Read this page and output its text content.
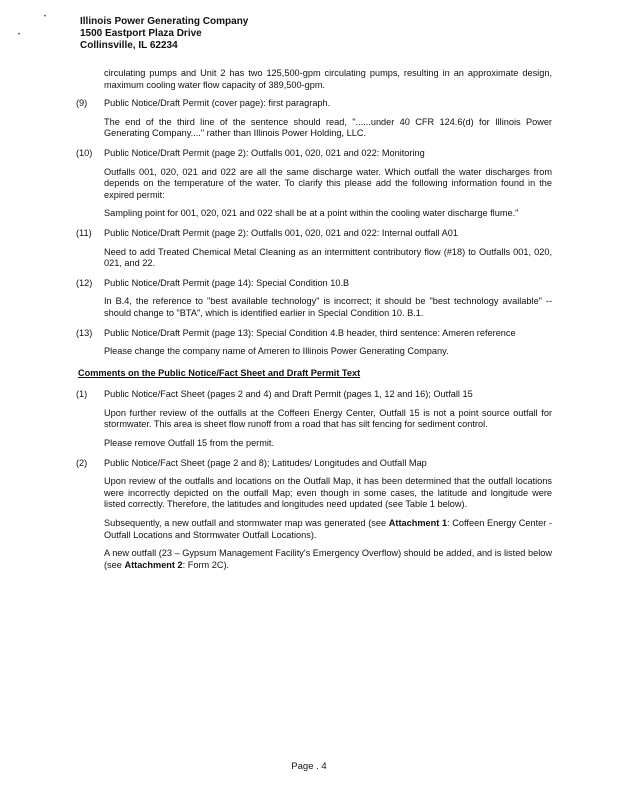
•
•
Illinois Power Generating Company
1500 Eastport Plaza Drive
Collinsville, IL 62234

circulating pumps and Unit 2 has two 125,500-gpm circulating pumps, resulting in an approximate design, maximum cooling water flow capacity of 389,500-gpm.

(9) Public Notice/Draft Permit (cover page): first paragraph.

The end of the third line of the sentence should read, "......under 40 CFR 124.6(d) for Illinois Power Generating Company...." rather than Illinois Power Holding, LLC.

(10) Public Notice/Draft Permit (page 2): Outfalls 001, 020, 021 and 022: Monitoring

Outfalls 001, 020, 021 and 022 are all the same discharge water. Which outfall the water discharges from depends on the temperature of the water. To clarify this please add the following information found in the expired permit:

Sampling point for 001, 020, 021 and 022 shall be at a point within the cooling water discharge flume."

(11) Public Notice/Draft Permit (page 2): Outfalls 001, 020, 021 and 022: Internal outfall A01

Need to add Treated Chemical Metal Cleaning as an intermittent contributory flow (#18) to Outfalls 001, 020, 021, and 22.

(12) Public Notice/Draft Permit (page 14): Special Condition 10.B

In B.4, the reference to "best available technology" is incorrect; it should be "best technology available" -- should change to "BTA", which is identified earlier in Special Condition 10. B.1.

(13) Public Notice/Draft Permit (page 13): Special Condition 4.B header, third sentence: Ameren reference

Please change the company name of Ameren to Illinois Power Generating Company.

Comments on the Public Notice/Fact Sheet and Draft Permit Text
(1) Public Notice/Fact Sheet (pages 2 and 4) and Draft Permit (pages 1, 12 and 16); Outfall 15

Upon further review of the outfalls at the Coffeen Energy Center, Outfall 15 is not a point source outfall for stormwater. This area is sheet flow runoff from a road that has silt fencing for sediment control.

Please remove Outfall 15 from the permit.

(2) Public Notice/Fact Sheet (page 2 and 8); Latitudes/ Longitudes and Outfall Map

Upon review of the outfalls and locations on the Outfall Map, it has been determined that the outfall locations were incorrectly depicted on the outfall Map; even though in some cases, the latitude and longitude were listed correctly. Therefore, the latitudes and longitudes need updated (see Table 1 below).

Subsequently, a new outfall and stormwater map was generated (see Attachment 1: Coffeen Energy Center - Outfall Locations and Stormwater Outfall Locations).

A new outfall (23 – Gypsum Management Facility's Emergency Overflow) should be added, and is listed below (see Attachment 2: Form 2C).

Page . 4
